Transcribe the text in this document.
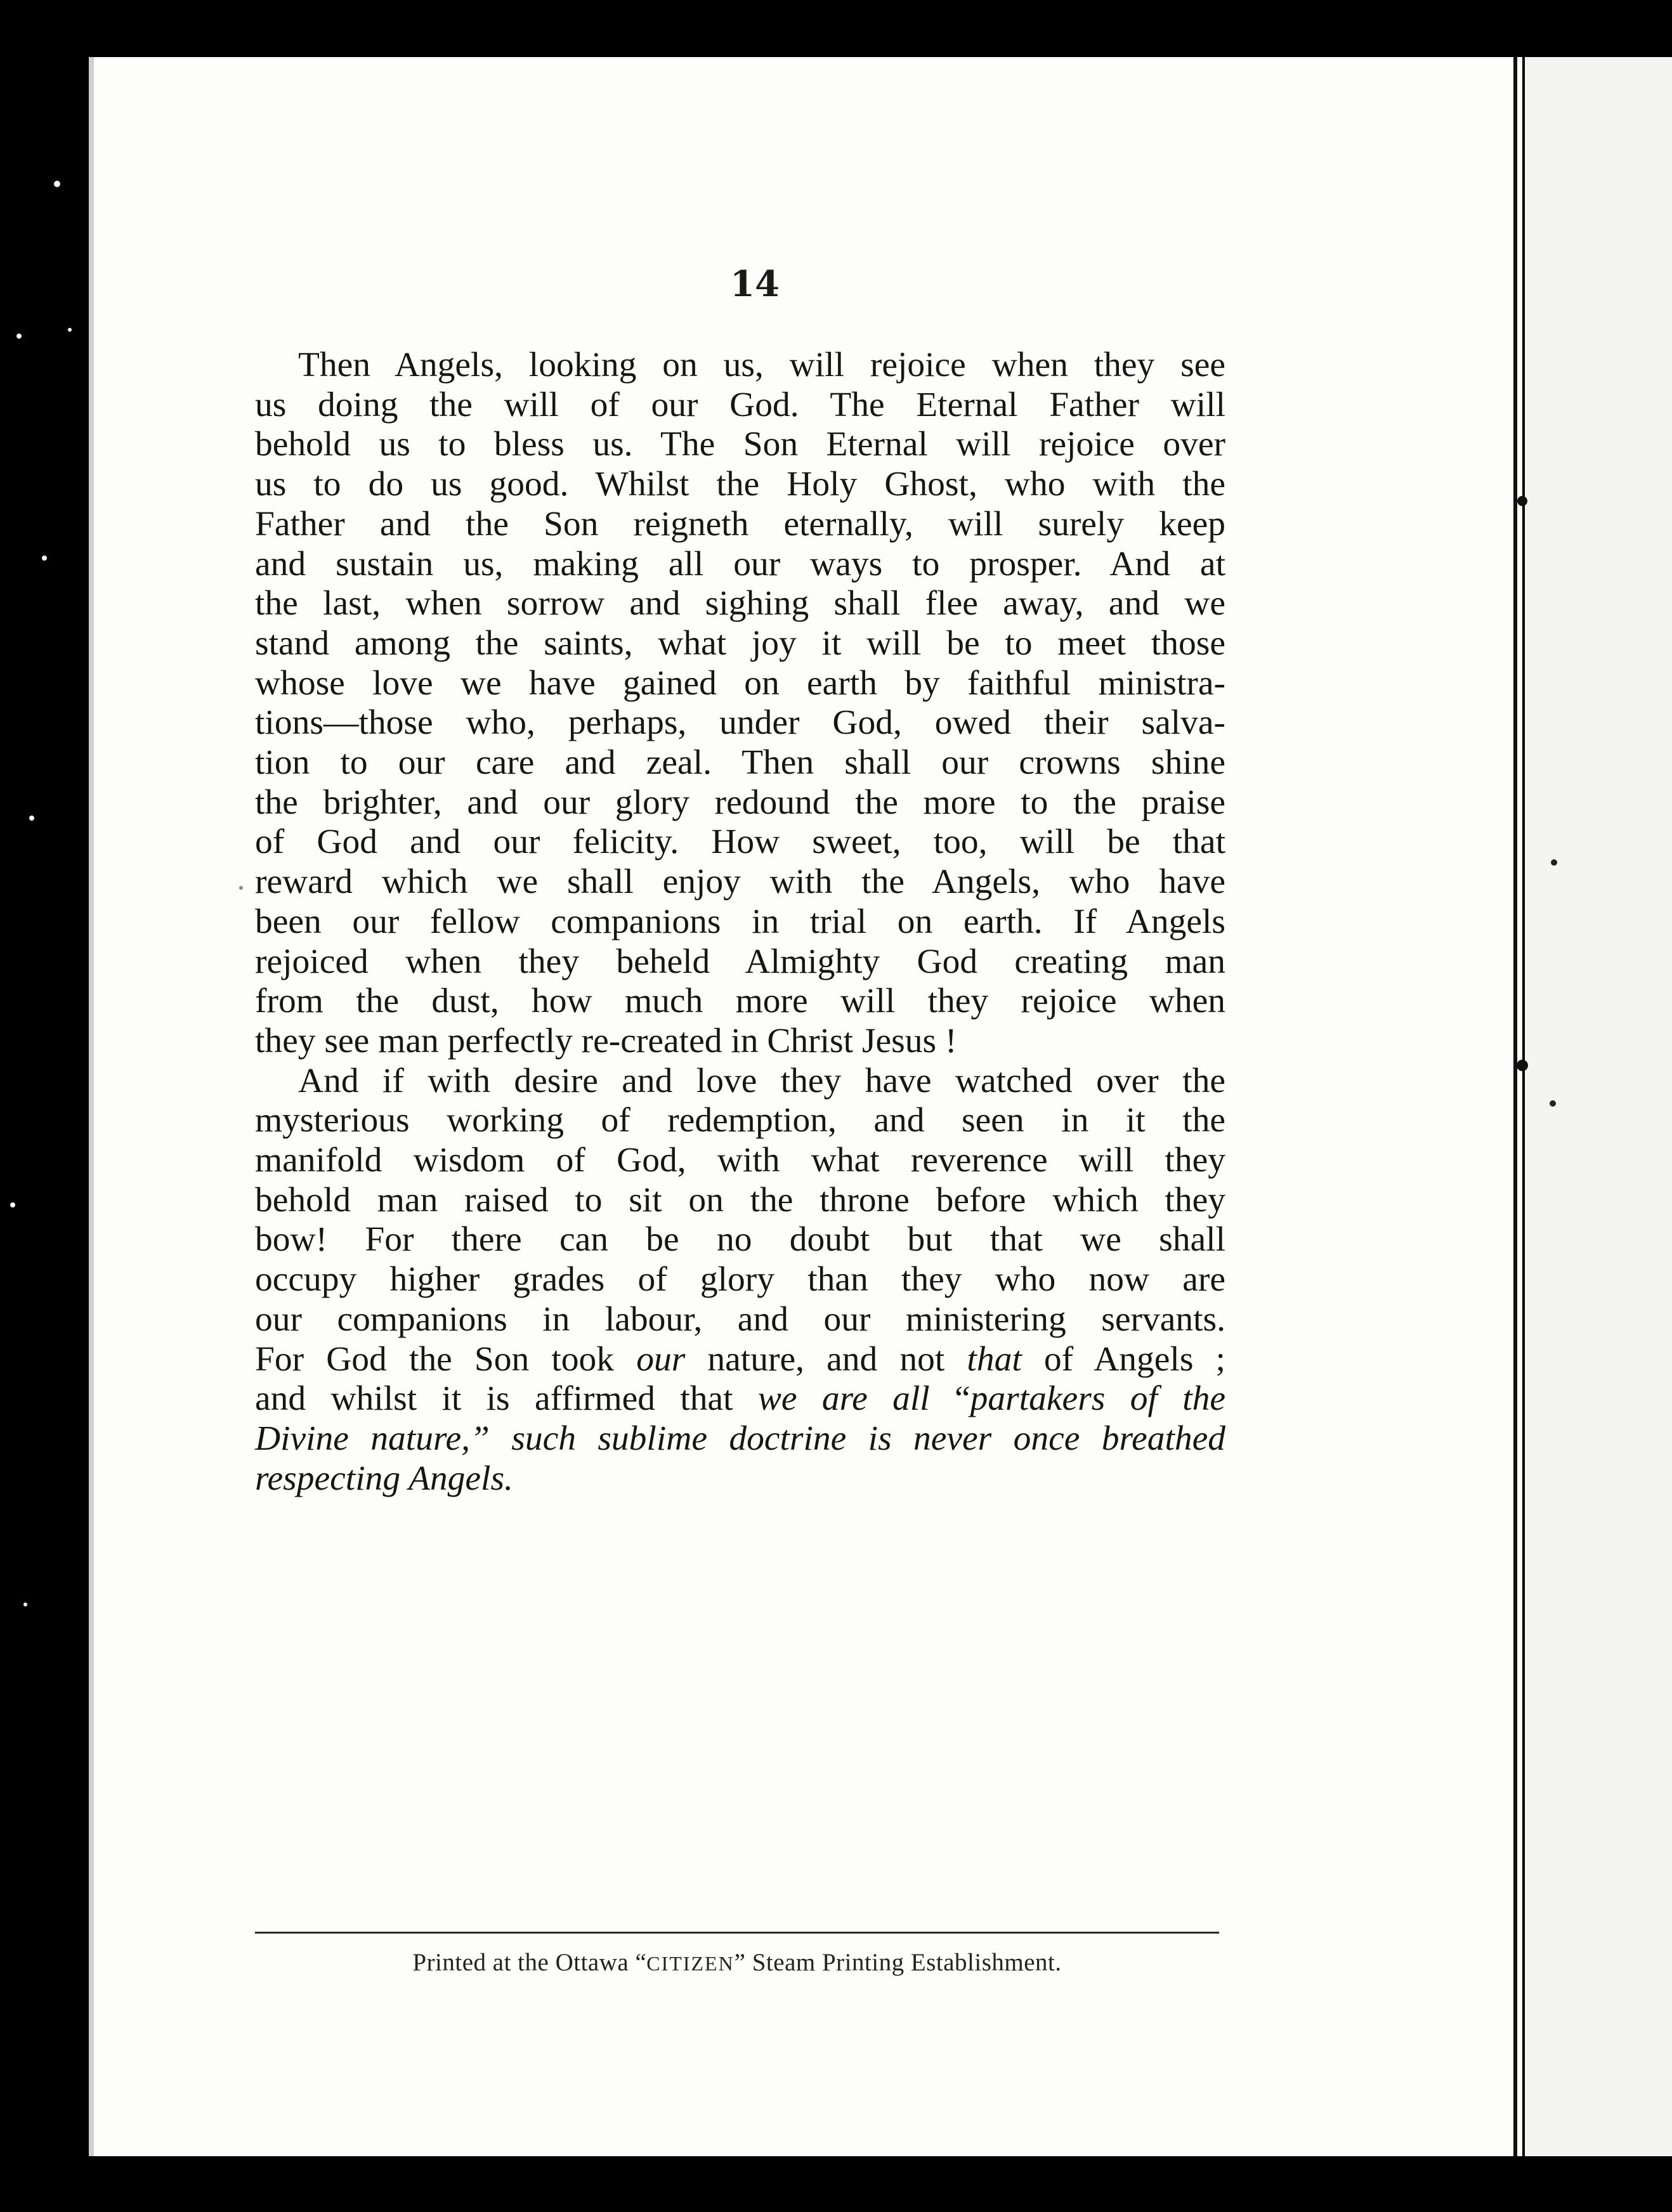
14
Then Angels, looking on us, will rejoice when they see
us doing the will of our God. The Eternal Father will
behold us to bless us. The Son Eternal will rejoice over
us to do us good. Whilst the Holy Ghost, who with the
Father and the Son reigneth eternally, will surely keep
and sustain us, making all our ways to prosper. And at
the last, when sorrow and sighing shall flee away, and we
stand among the saints, what joy it will be to meet those
whose love we have gained on earth by faithful ministra-
tions—those who, perhaps, under God, owed their salva-
tion to our care and zeal. Then shall our crowns shine
the brighter, and our glory redound the more to the praise
of God and our felicity. How sweet, too, will be that
reward which we shall enjoy with the Angels, who have
been our fellow companions in trial on earth. If Angels
rejoiced when they beheld Almighty God creating man
from the dust, how much more will they rejoice when
they see man perfectly re-created in Christ Jesus !
And if with desire and love they have watched over the
mysterious working of redemption, and seen in it the
manifold wisdom of God, with what reverence will they
behold man raised to sit on the throne before which they
bow! For there can be no doubt but that we shall
occupy higher grades of glory than they who now are
our companions in labour, and our ministering servants.
For God the Son took our nature, and not that of Angels ;
and whilst it is affirmed that we are all “partakers of the
Divine nature,” such sublime doctrine is never once breathed
respecting Angels.
Printed at the Ottawa “CITIZEN” Steam Printing Establishment.
